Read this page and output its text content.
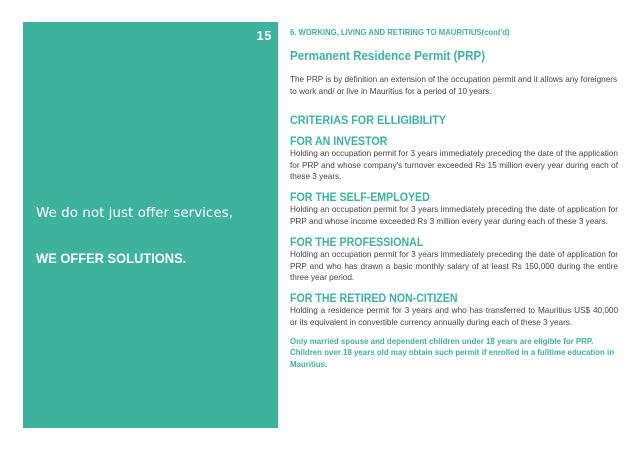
15
We do not just offer services,
WE OFFER SOLUTIONS.
6. WORKING, LIVING AND RETIRING TO MAURITIUS(cont'd)
Permanent Residence Permit (PRP)

The PRP is by definition an extension of the occupation permit and it allows any foreigners to work and/ or live in Mauritius for a period of 10 years.

CRITERIAS FOR ELLIGIBILITY
FOR AN INVESTOR

Holding an occupation permit for 3 years immediately preceding the date of the application for PRP and whose company's turnover exceeded Rs 15 million every year during each of these 3 years.

FOR THE SELF-EMPLOYED

Holding an occupation permit for 3 years immediately preceding the date of application for PRP and whose income exceeded Rs 3 million every year during each of these 3 years.

FOR THE PROFESSIONAL

Holding an occupation permit for 3 years immediately preceding the date of application for PRP and who has drawn a basic monthly salary of at least Rs 150,000 during the entire three year period.

FOR THE RETIRED NON-CITIZEN

Holding a residence permit for 3 years and who has transferred to Mauritius US$ 40,000 or its equivalent in convertible currency annually during each of these 3 years.

Only married spouse and dependent children under 18 years are eligible for PRP. Children over 18 years old may obtain such permit if enrolled in a fulltime education in Mauritius.
